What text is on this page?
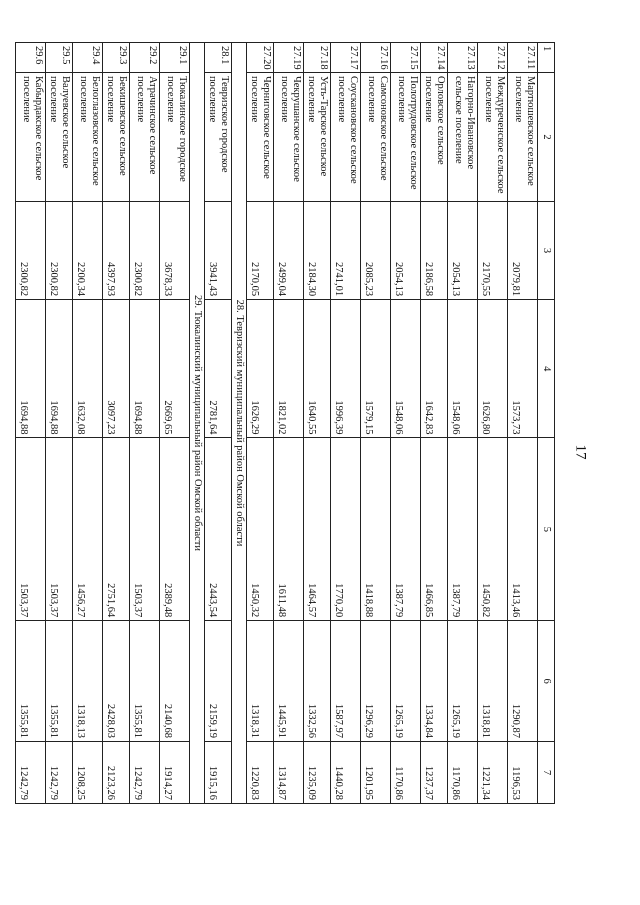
17
1	2	3	4	5	6	7
27.11	Мартюшевское сельское поселение	2079,81	1573,73	1413,46	1290,87	1196,53
27.12	Междуреченское сельское поселение	2170,55	1626,80	1450,82	1318,81	1221,34
27.13	Нагорно-Ивановское сельское поселение	2054,13	1548,06	1387,79	1265,19	1170,86
27.14	Орловское сельское поселение	2186,58	1642,83	1466,85	1334,84	1237,37
27.15	Полотрудовское сельское поселение	2054,13	1548,06	1387,79	1265,19	1170,86
27.16	Самсоновское сельское поселение	2085,23	1579,15	1418,88	1296,29	1201,95
27.17	Соускановское сельское поселение	2741,01	1996,39	1770,20	1587,97	1440,28
27.18	Усть-Тарское сельское поселение	2184,30	1640,55	1464,57	1332,56	1235,09
27.19	Чекрушанское сельское поселение	2499,04	1821,02	1611,48	1445,91	1314,87
27.20	Черниговское сельское поселение	2170,05	1626,29	1450,32	1318,31	1220,83
28. Тевризский муниципальный район Омской области						
28.1	Тевризское городское поселение	3941,43	2781,64	2443,54	2159,19	1915,16
29. Тюкалинский муниципальный район Омской области						
29.1	Тюкалинское городское поселение	3678,33	2669,65	2389,48	2140,68	1914,27
29.2	Атрачинское сельское поселение	2300,82	1694,88	1503,37	1355,81	1242,79
29.3	Бекишевское сельское поселение	4397,93	3097,23	2751,64	2428,03	2123,26
29.4	Белоглазовское сельское поселение	2200,34	1632,08	1456,27	1318,13	1208,25
29.5	Валуевское сельское поселение	2300,82	1694,88	1503,37	1355,81	1242,79
29.6	Кабырдакское сельское поселение	2300,82	1694,88	1503,37	1355,81	1242,79
